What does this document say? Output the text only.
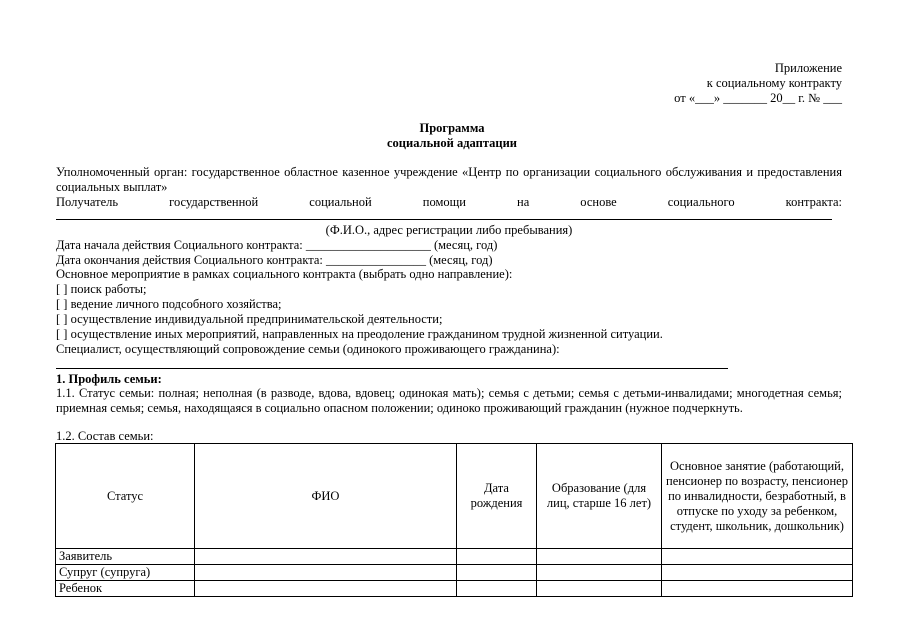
Приложение
к социальному контракту
от «___» _______ 20__ г. № ___
Программа
социальной адаптации
Уполномоченный орган: государственное областное казенное учреждение «Центр по организации социального обслуживания и предоставления социальных выплат»
Получатель государственной социальной помощи на основе социального контракта:
(Ф.И.О., адрес регистрации либо пребывания)
Дата начала действия Социального контракта: ____________________ (месяц, год)
Дата окончания действия Социального контракта: ________________ (месяц, год)
Основное мероприятие в рамках социального контракта (выбрать одно направление):
[ ] поиск работы;
[ ] ведение личного подсобного хозяйства;
[ ] осуществление индивидуальной предпринимательской деятельности;
[ ] осуществление иных мероприятий, направленных на преодоление гражданином трудной жизненной ситуации.
Специалист, осуществляющий сопровождение семьи (одинокого проживающего гражданина):
1. Профиль семьи:
1.1. Статус семьи: полная; неполная (в разводе, вдова, вдовец; одинокая мать); семья с детьми; семья с детьми-инвалидами; многодетная семья; приемная семья; семья, находящаяся в социально опасном положении; одиноко проживающий гражданин (нужное подчеркнуть.
1.2. Состав семьи:
Статус	ФИО	Дата рождения	Образование (для лиц, старше 16 лет)	Основное занятие (работающий, пенсионер по возрасту, пенсионер по инвалидности, безработный, в отпуске по уходу за ребенком, студент, школьник, дошкольник)
Заявитель				
Супруг (супруга)				
Ребенок				
